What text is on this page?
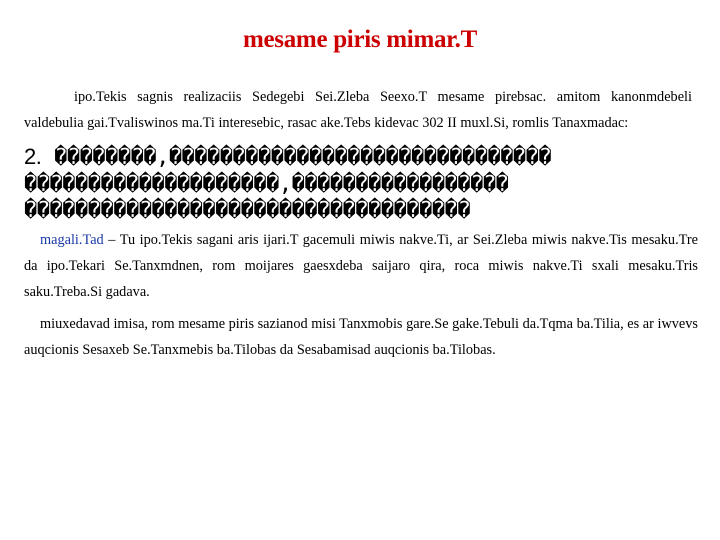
mesame piris mimar.T

ipo.Tekis sagnis realizaciis Sedegebi Sei.Zleba Seexo.T mesame pirebsac. amitom kanonmdebeli valdebulia gai.Tvaliswinos ma.Ti interesebic, rasac ake.Tebs kidevac 302 II muxl.Si, romlis Tanaxmadac:

2. ��������,������������������������������
��������������������,�����������������
�����������������������������������

magali.Tad – Tu ipo.Tekis sagani aris ijari.T gacemuli miwis nakve.Ti, ar Sei.Zleba miwis nakve.Tis mesaku.Tre da ipo.Tekari Se.Tanxmdnen, rom moijares gaesxdeba saijaro qira, roca miwis nakve.Ti sxali mesaku.Tris saku.Treba.Si gadava.

miuxedavad imisa, rom mesame piris sazianod misi Tanxmobis gare.Se gake.Tebuli da.Tqma ba.Tilia, es ar iwvevs auqcionis Sesaxeb Se.Tanxmebis ba.Tilobas da Sesabamisad auqcionis ba.Tilobas.
